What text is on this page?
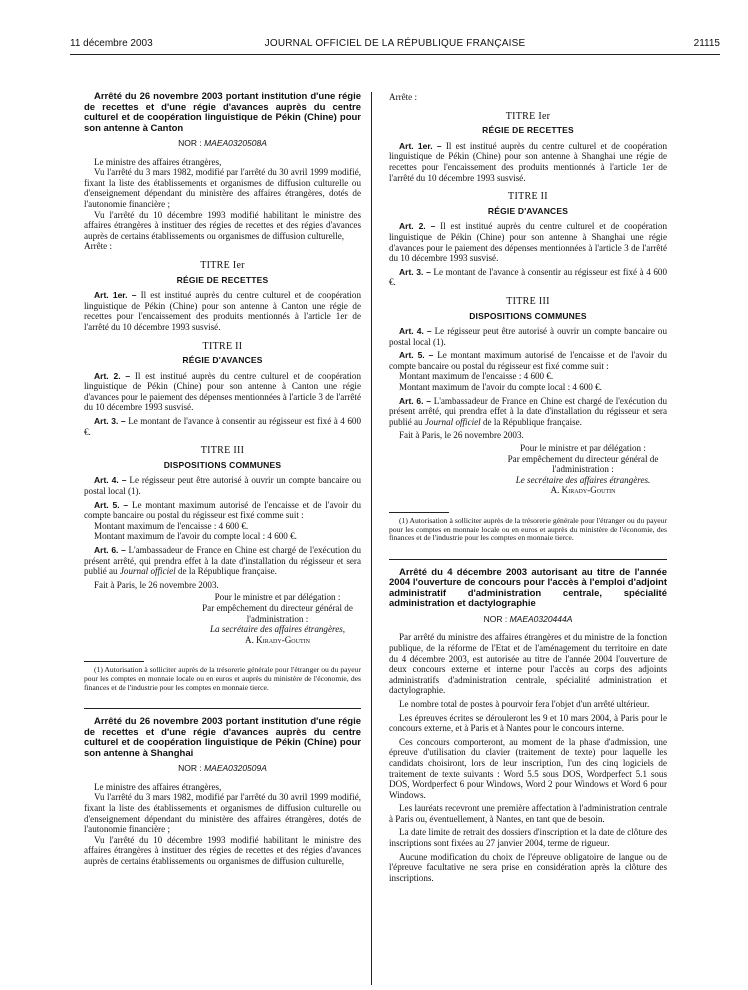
11 décembre 2003	JOURNAL OFFICIEL DE LA RÉPUBLIQUE FRANÇAISE	21115

Arrêté du 26 novembre 2003 portant institution d'une régie de recettes et d'une régie d'avances auprès du centre culturel et de coopération linguistique de Pékin (Chine) pour son antenne à Canton

NOR : MAEA0320508A

Le ministre des affaires étrangères,

Vu l'arrêté du 3 mars 1982, modifié par l'arrêté du 30 avril 1999 modifié, fixant la liste des établissements et organismes de diffusion culturelle ou d'enseignement dépendant du ministère des affaires étrangères, dotés de l'autonomie financière ;

Vu l'arrêté du 10 décembre 1993 modifié habilitant le ministre des affaires étrangères à instituer des régies de recettes et des régies d'avances auprès de certains établissements ou organismes de diffusion culturelle,

Arrête :

TITRE Ier
RÉGIE DE RECETTES

Art. 1er. – Il est institué auprès du centre culturel et de coopération linguistique de Pékin (Chine) pour son antenne à Canton une régie de recettes pour l'encaissement des produits mentionnés à l'article 1er de l'arrêté du 10 décembre 1993 susvisé.

TITRE II
RÉGIE D'AVANCES

Art. 2. – Il est institué auprès du centre culturel et de coopération linguistique de Pékin (Chine) pour son antenne à Canton une régie d'avances pour le paiement des dépenses mentionnées à l'article 3 de l'arrêté du 10 décembre 1993 susvisé.

Art. 3. – Le montant de l'avance à consentir au régisseur est fixé à 4 600 €.

TITRE III
DISPOSITIONS COMMUNES

Art. 4. – Le régisseur peut être autorisé à ouvrir un compte bancaire ou postal local (1).

Art. 5. – Le montant maximum autorisé de l'encaisse et de l'avoir du compte bancaire ou postal du régisseur est fixé comme suit :

Montant maximum de l'encaisse : 4 600 €.

Montant maximum de l'avoir du compte local : 4 600 €.

Art. 6. – L'ambassadeur de France en Chine est chargé de l'exécution du présent arrêté, qui prendra effet à la date d'installation du régisseur et sera publié au Journal officiel de la République française.

Fait à Paris, le 26 novembre 2003.

Pour le ministre et par délégation :
Par empêchement du directeur général de l'administration :
La secrétaire des affaires étrangères,
A. Kirady-Goutin

(1) Autorisation à solliciter auprès de la trésorerie générale pour l'étranger ou du payeur pour les comptes en monnaie locale ou en euros et auprès du ministère de l'économie, des finances et de l'industrie pour les comptes en monnaie tierce.

Arrêté du 26 novembre 2003 portant institution d'une régie de recettes et d'une régie d'avances auprès du centre culturel et de coopération linguistique de Pékin (Chine) pour son antenne à Shanghai

NOR : MAEA0320509A

Le ministre des affaires étrangères,

Vu l'arrêté du 3 mars 1982, modifié par l'arrêté du 30 avril 1999 modifié, fixant la liste des établissements et organismes de diffusion culturelle ou d'enseignement dépendant du ministère des affaires étrangères, dotés de l'autonomie financière ;

Vu l'arrêté du 10 décembre 1993 modifié habilitant le ministre des affaires étrangères à instituer des régies de recettes et des régies d'avances auprès de certains établissements ou organismes de diffusion culturelle,

Arrête :

TITRE Ier
RÉGIE DE RECETTES

Art. 1er. – Il est institué auprès du centre culturel et de coopération linguistique de Pékin (Chine) pour son antenne à Shanghai une régie de recettes pour l'encaissement des produits mentionnés à l'article 1er de l'arrêté du 10 décembre 1993 susvisé.

TITRE II
RÉGIE D'AVANCES

Art. 2. – Il est institué auprès du centre culturel et de coopération linguistique de Pékin (Chine) pour son antenne à Shanghai une régie d'avances pour le paiement des dépenses mentionnées à l'article 3 de l'arrêté du 10 décembre 1993 susvisé.

Art. 3. – Le montant de l'avance à consentir au régisseur est fixé à 4 600 €.

TITRE III
DISPOSITIONS COMMUNES

Art. 4. – Le régisseur peut être autorisé à ouvrir un compte bancaire ou postal local (1).

Art. 5. – Le montant maximum autorisé de l'encaisse et de l'avoir du compte bancaire ou postal du régisseur est fixé comme suit :

Montant maximum de l'encaisse : 4 600 €.

Montant maximum de l'avoir du compte local : 4 600 €.

Art. 6. – L'ambassadeur de France en Chine est chargé de l'exécution du présent arrêté, qui prendra effet à la date d'installation du régisseur et sera publié au Journal officiel de la République française.

Fait à Paris, le 26 novembre 2003.

Pour le ministre et par délégation :
Par empêchement du directeur général de l'administration :
Le secrétaire des affaires étrangères.
A. Kirady-Goutin

(1) Autorisation à solliciter auprès de la trésorerie générale pour l'étranger ou du payeur pour les comptes en monnaie locale ou en euros et auprès du ministère de l'économie, des finances et de l'industrie pour les comptes en monnaie tierce.

Arrêté du 4 décembre 2003 autorisant au titre de l'année 2004 l'ouverture de concours pour l'accès à l'emploi d'adjoint administratif d'administration centrale, spécialité administration et dactylographie

NOR : MAEA0320444A

Par arrêté du ministre des affaires étrangères et du ministre de la fonction publique, de la réforme de l'Etat et de l'aménagement du territoire en date du 4 décembre 2003, est autorisée au titre de l'année 2004 l'ouverture de deux concours externe et interne pour l'accès au corps des adjoints administratifs d'administration centrale, spécialité administration et dactylographie.

Le nombre total de postes à pourvoir fera l'objet d'un arrêté ultérieur.

Les épreuves écrites se dérouleront les 9 et 10 mars 2004, à Paris pour le concours externe, et à Paris et à Nantes pour le concours interne.

Ces concours comporteront, au moment de la phase d'admission, une épreuve d'utilisation du clavier (traitement de texte) pour laquelle les candidats choisiront, lors de leur inscription, l'un des cinq logiciels de traitement de texte suivants : Word 5.5 sous DOS, Wordperfect 5.1 sous DOS, Wordperfect 6 pour Windows, Word 2 pour Windows et Word 6 pour Windows.

Les lauréats recevront une première affectation à l'administration centrale à Paris ou, éventuellement, à Nantes, en tant que de besoin.

La date limite de retrait des dossiers d'inscription et la date de clôture des inscriptions sont fixées au 27 janvier 2004, terme de rigueur.

Aucune modification du choix de l'épreuve obligatoire de langue ou de l'épreuve facultative ne sera prise en considération après la clôture des inscriptions.
